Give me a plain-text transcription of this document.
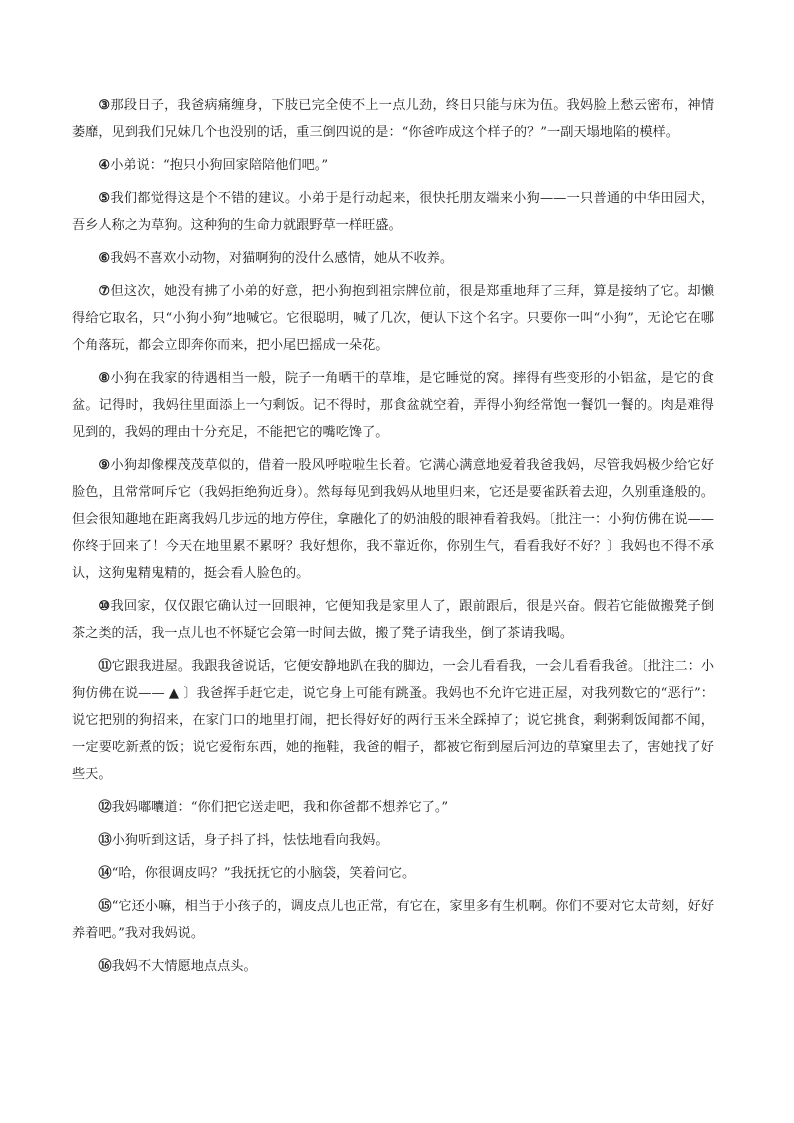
③那段日子，我爸病痛缠身，下肢已完全使不上一点儿劲，终日只能与床为伍。我妈脸上愁云密布，神情萎靡，见到我们兄妹几个也没别的话，重三倒四说的是：“你爸咋成这个样子的？”一副天塌地陷的模样。

④小弟说：“抱只小狗回家陪陪他们吧。”

⑤我们都觉得这是个不错的建议。小弟于是行动起来，很快托朋友端来小狗——一只普通的中华田园犬，吾乡人称之为草狗。这种狗的生命力就跟野草一样旺盛。

⑥我妈不喜欢小动物，对猫啊狗的没什么感情，她从不收养。

⑦但这次，她没有拂了小弟的好意，把小狗抱到祖宗牌位前，很是郑重地拜了三拜，算是接纳了它。却懒得给它取名，只“小狗小狗”地喊它。它很聪明，喊了几次，便认下这个名字。只要你一叫“小狗”，无论它在哪个角落玩，都会立即奔你而来，把小尾巴摇成一朵花。

⑧小狗在我家的待遇相当一般，院子一角晒干的草堆，是它睡觉的窝。摔得有些变形的小铝盆，是它的食盆。记得时，我妈往里面添上一勺剩饭。记不得时，那食盆就空着，弄得小狗经常饱一餐饥一餐的。肉是难得见到的，我妈的理由十分充足，不能把它的嘴吃馋了。

⑨小狗却像棵茂茂草似的，借着一股风呼啦啦生长着。它满心满意地爱着我爸我妈，尽管我妈极少给它好脸色，且常常呵斥它（我妈拒绝狗近身）。然每每见到我妈从地里归来，它还是要雀跃着去迎，久别重逢般的。但会很知趣地在距离我妈几步远的地方停住，拿融化了的奶油般的眼神看着我妈。〔批注一：小狗仿佛在说——你终于回来了！今天在地里累不累呀？我好想你，我不靠近你，你别生气，看看我好不好？〕我妈也不得不承认，这狗鬼精鬼精的，挺会看人脸色的。

⑩我回家，仅仅跟它确认过一回眼神，它便知我是家里人了，跟前跟后，很是兴奋。假若它能做搬凳子倒茶之类的活，我一点儿也不怀疑它会第一时间去做，搬了凳子请我坐，倒了茶请我喝。

⑪它跟我进屋。我跟我爸说话，它便安静地趴在我的脚边，一会儿看看我，一会儿看看我爸。〔批注二：小狗仿佛在说—— ▲ 〕我爸挥手赶它走，说它身上可能有跳蚤。我妈也不允许它进正屋，对我列数它的“恶行”：说它把别的狗招来，在家门口的地里打闹，把长得好好的两行玉米全踩掉了；说它挑食，剩粥剩饭闻都不闻，一定要吃新煮的饭；说它爱衔东西，她的拖鞋，我爸的帽子，都被它衔到屋后河边的草窠里去了，害她找了好些天。

⑫我妈嘟囔道：“你们把它送走吧，我和你爸都不想养它了。”

⑬小狗听到这话，身子抖了抖，怯怯地看向我妈。

⑭“哈，你很调皮吗？”我抚抚它的小脑袋，笑着问它。

⑮“它还小嘛，相当于小孩子的，调皮点儿也正常，有它在，家里多有生机啊。你们不要对它太苛刻，好好养着吧。”我对我妈说。

⑯我妈不大情愿地点点头。
